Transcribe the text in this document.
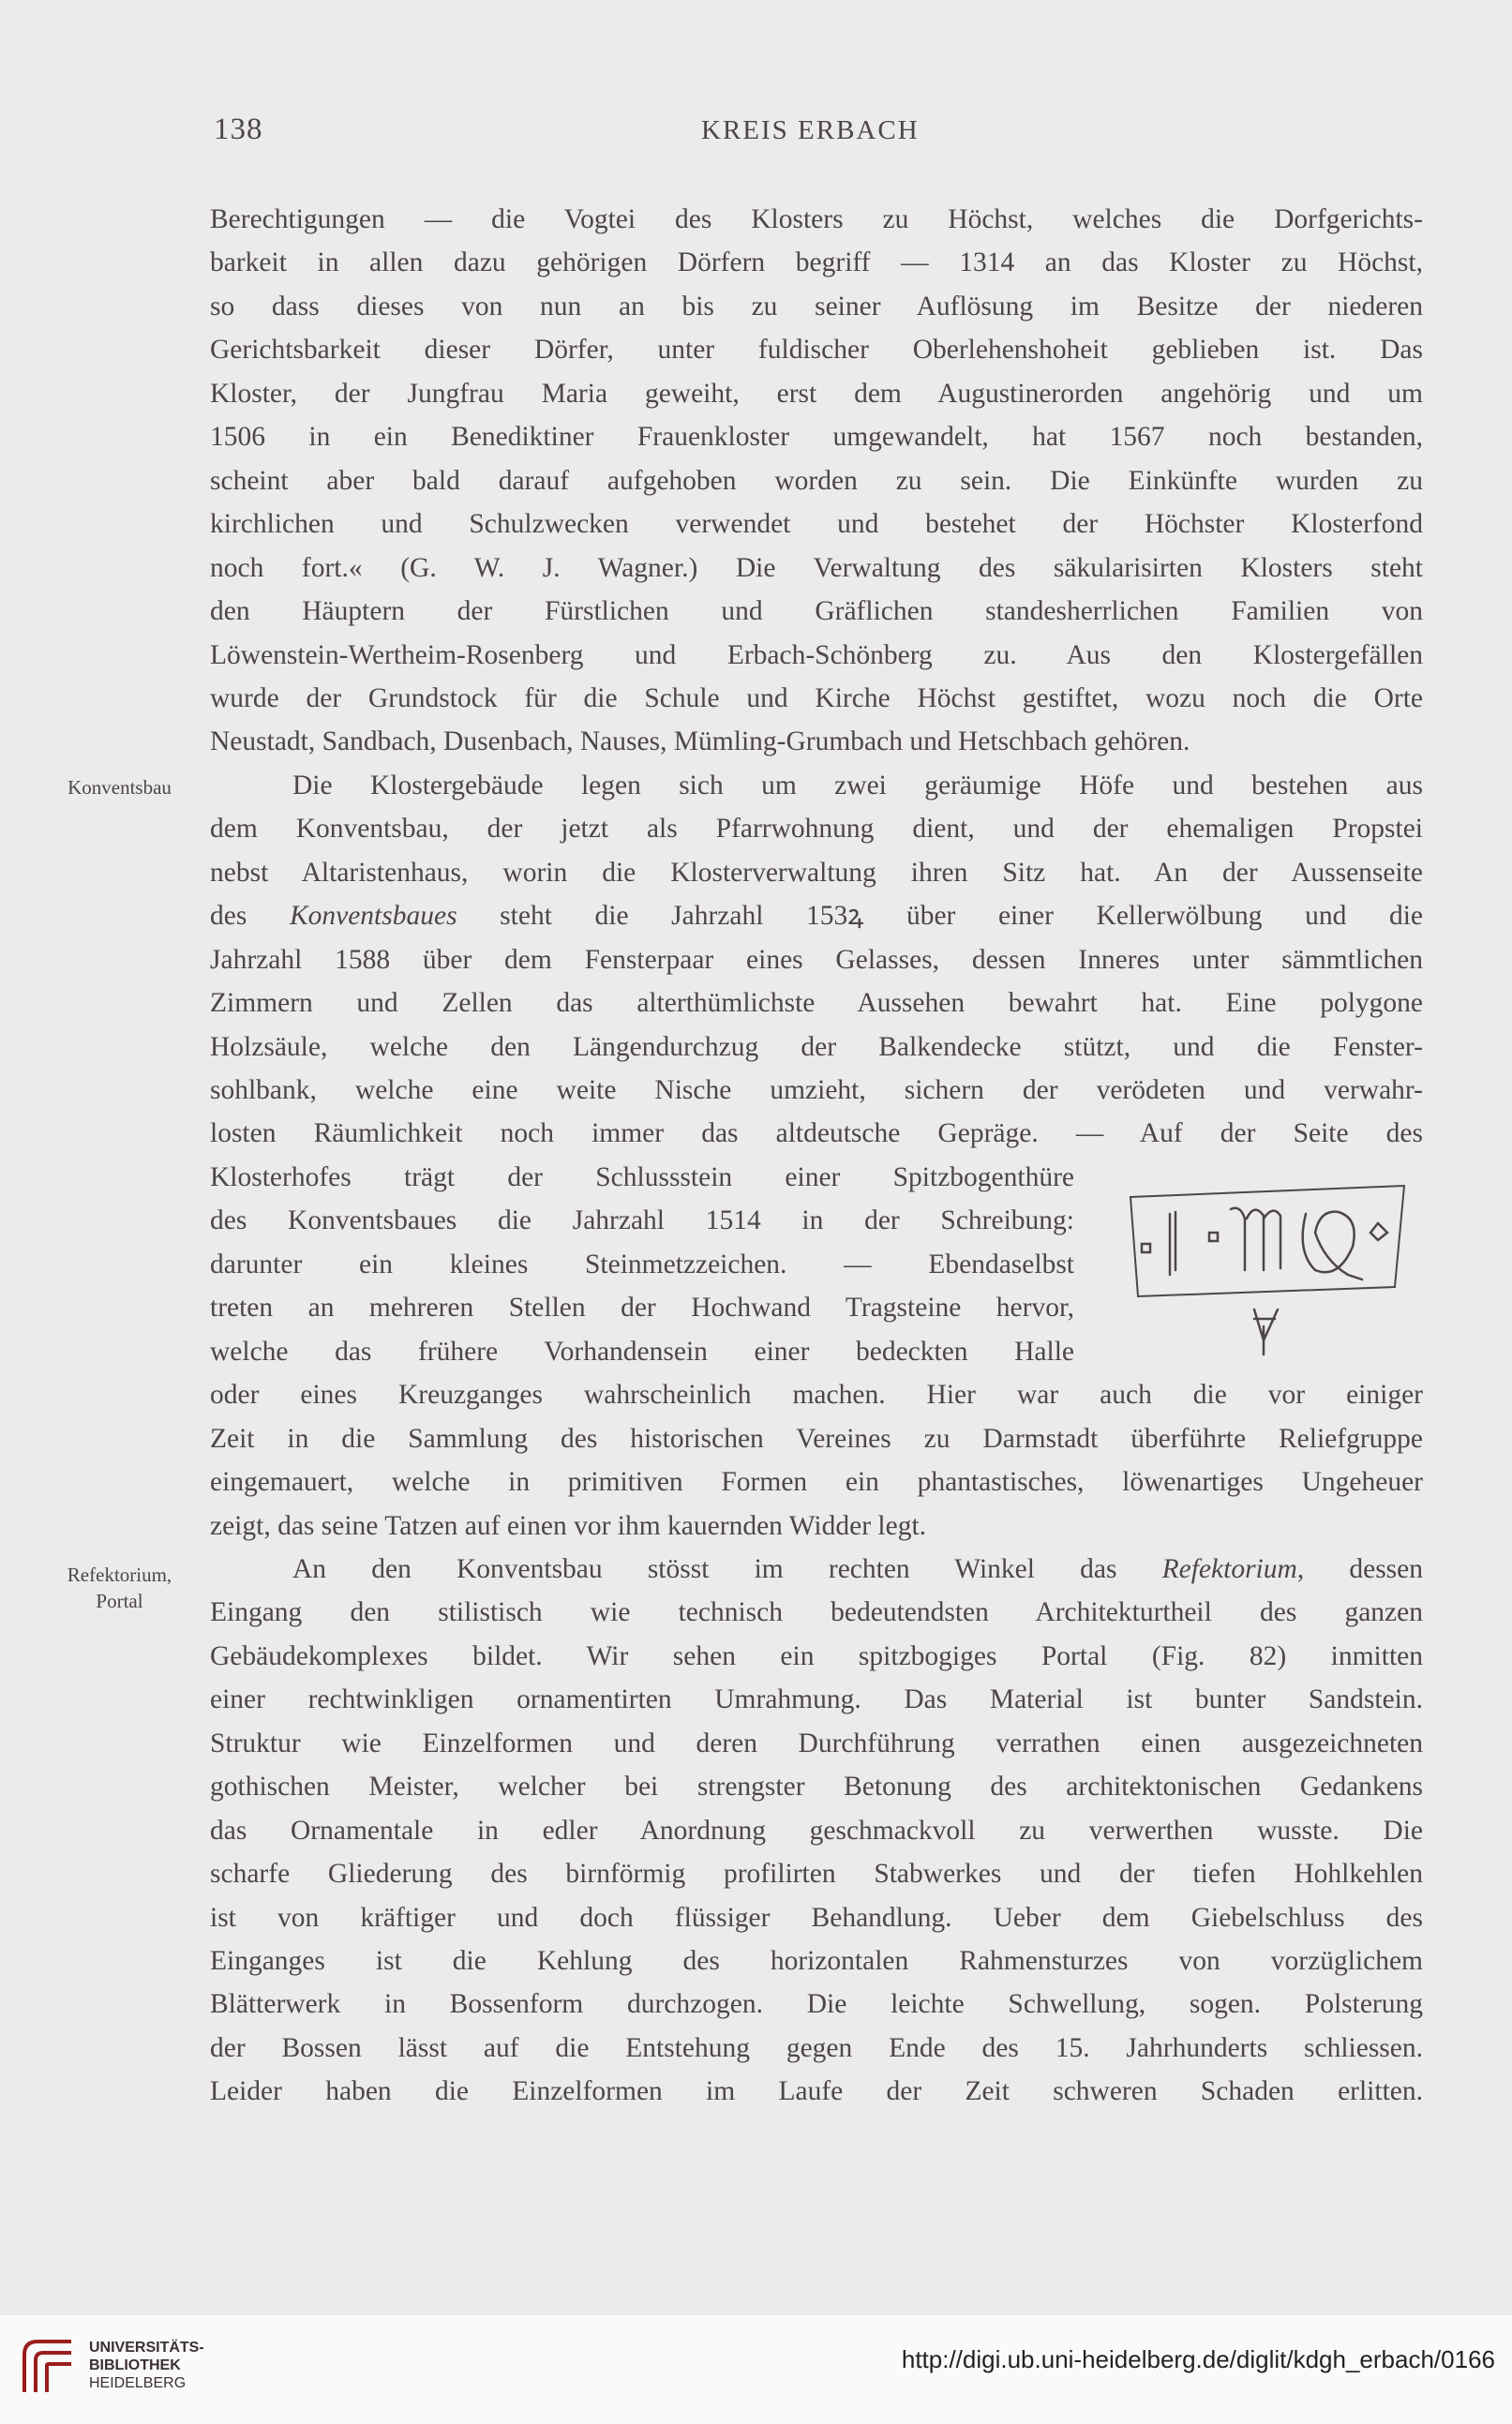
138	KREIS ERBACH
Konventsbau
Refektorium,
Portal
Berechtigungen — die Vogtei des Klosters zu Höchst, welches die Dorfgerichts-
barkeit in allen dazu gehörigen Dörfern begriff — 1314 an das Kloster zu Höchst,
so dass dieses von nun an bis zu seiner Auflösung im Besitze der niederen
Gerichtsbarkeit dieser Dörfer, unter fuldischer Oberlehenshoheit geblieben ist. Das
Kloster, der Jungfrau Maria geweiht, erst dem Augustinerorden angehörig und um
1506 in ein Benediktiner Frauenkloster umgewandelt, hat 1567 noch bestanden,
scheint aber bald darauf aufgehoben worden zu sein. Die Einkünfte wurden zu
kirchlichen und Schulzwecken verwendet und bestehet der Höchster Klosterfond
noch fort.« (G. W. J. Wagner.) Die Verwaltung des säkularisirten Klosters steht
den Häuptern der Fürstlichen und Gräflichen standesherrlichen Familien von
Löwenstein-Wertheim-Rosenberg und Erbach-Schönberg zu. Aus den Klostergefällen
wurde der Grundstock für die Schule und Kirche Höchst gestiftet, wozu noch die Orte
Neustadt, Sandbach, Dusenbach, Nauses, Mümling-Grumbach und Hetschbach gehören.
Die Klostergebäude legen sich um zwei geräumige Höfe und bestehen aus
dem Konventsbau, der jetzt als Pfarrwohnung dient, und der ehemaligen Propstei
nebst Altaristenhaus, worin die Klosterverwaltung ihren Sitz hat. An der Aussenseite
des Konventsbaues steht die Jahrzahl 153ꝝ über einer Kellerwölbung und die
Jahrzahl 1588 über dem Fensterpaar eines Gelasses, dessen Inneres unter sämmtlichen
Zimmern und Zellen das alterthümlichste Aussehen bewahrt hat. Eine polygone
Holzsäule, welche den Längendurchzug der Balkendecke stützt, und die Fenster-
sohlbank, welche eine weite Nische umzieht, sichern der verödeten und verwahr-
losten Räumlichkeit noch immer das altdeutsche Gepräge. — Auf der Seite des
Klosterhofes trägt der Schlussstein einer Spitzbogenthüre
des Konventsbaues die Jahrzahl 1514 in der Schreibung:
darunter ein kleines Steinmetzzeichen. — Ebendaselbst
treten an mehreren Stellen der Hochwand Tragsteine hervor,
welche das frühere Vorhandensein einer bedeckten Halle
oder eines Kreuzganges wahrscheinlich machen. Hier war auch die vor einiger
Zeit in die Sammlung des historischen Vereines zu Darmstadt überführte Reliefgruppe
eingemauert, welche in primitiven Formen ein phantastisches, löwenartiges Ungeheuer
zeigt, das seine Tatzen auf einen vor ihm kauernden Widder legt.
An den Konventsbau stösst im rechten Winkel das Refektorium, dessen
Eingang den stilistisch wie technisch bedeutendsten Architekturtheil des ganzen
Gebäudekomplexes bildet. Wir sehen ein spitzbogiges Portal (Fig. 82) inmitten
einer rechtwinkligen ornamentirten Umrahmung. Das Material ist bunter Sandstein.
Struktur wie Einzelformen und deren Durchführung verrathen einen ausgezeichneten
gothischen Meister, welcher bei strengster Betonung des architektonischen Gedankens
das Ornamentale in edler Anordnung geschmackvoll zu verwerthen wusste. Die
scharfe Gliederung des birnförmig profilirten Stabwerkes und der tiefen Hohlkehlen
ist von kräftiger und doch flüssiger Behandlung. Ueber dem Giebelschluss des
Einganges ist die Kehlung des horizontalen Rahmensturzes von vorzüglichem
Blätterwerk in Bossenform durchzogen. Die leichte Schwellung, sogen. Polsterung
der Bossen lässt auf die Entstehung gegen Ende des 15. Jahrhunderts schliessen.
Leider haben die Einzelformen im Laufe der Zeit schweren Schaden erlitten.
UNIVERSITÄTS-
BIBLIOTHEK
HEIDELBERG
http://digi.ub.uni-heidelberg.de/diglit/kdgh_erbach/0166
